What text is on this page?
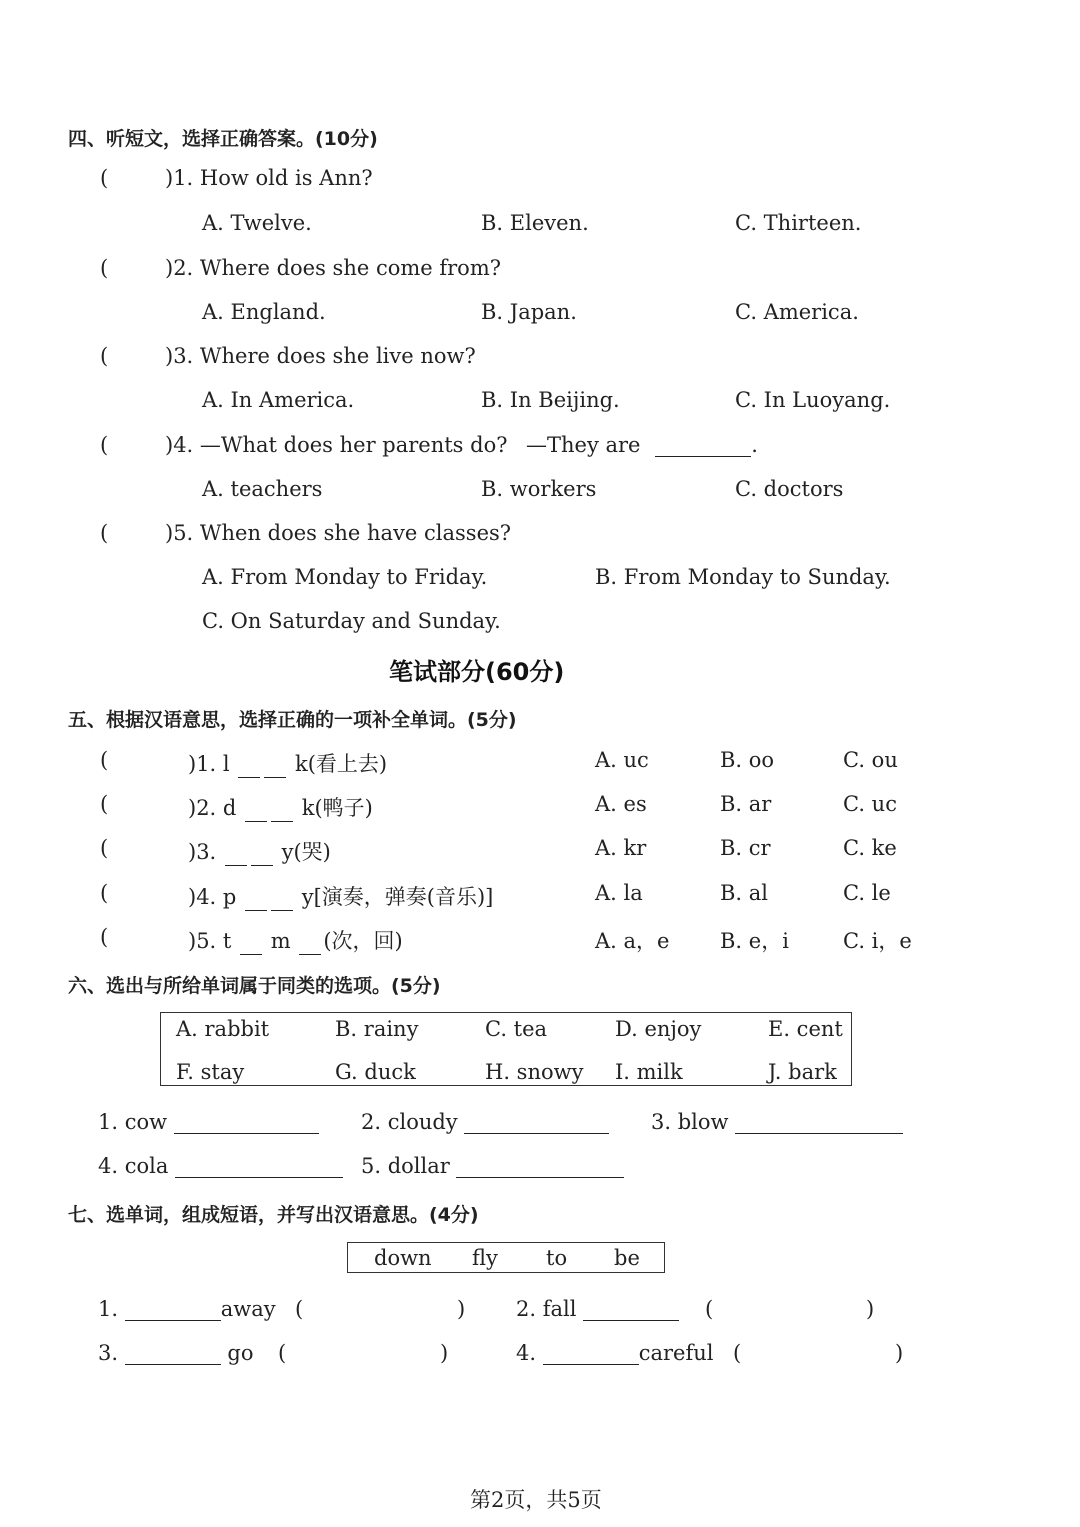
四、听短文，选择正确答案。(10分)
(	)1. How old is Ann?
A. Twelve.	B. Eleven.	C. Thirteen.
(	)2. Where does she come from?
A. England.	B. Japan.	C. America.
(	)3. Where does she live now?
A. In America.	B. In Beijing.	C. In Luoyang.
(	)4. —What does her parents do? —They are	.
A. teachers	B. workers	C. doctors
(	)5. When does she have classes?
A. From Monday to Friday.	B. From Monday to Sunday.
C. On Saturday and Sunday.
笔试部分(60分)
五、根据汉语意思，选择正确的一项补全单词。(5分)
(	)1. l	k(看上去)	A. uc	B. oo	C. ou
(	)2. d	k(鸭子)	A. es	B. ar	C. uc
(	)3.	y(哭)	A. kr	B. cr	C. ke
(	)4. p	y[演奏，弹奏(音乐)]	A. la	B. al	C. le
(	)5. t m (次，回)	A. a，e B. e，i	C. i，e
六、选出与所给单词属于同类的选项。(5分)
A. rabbit	B. rainy	C. tea	D. enjoy	E. cent
F. stay	G. duck	H. snowy I. milk	J. bark
1. cow	2. cloudy	3. blow
4. cola	5. dollar
七、选单词，组成短语，并写出汉语意思。(4分)
down fly to be
1.	away (	) 2. fall	(	)
3.	go (	)	4.	careful (	)
第2页，共5页
